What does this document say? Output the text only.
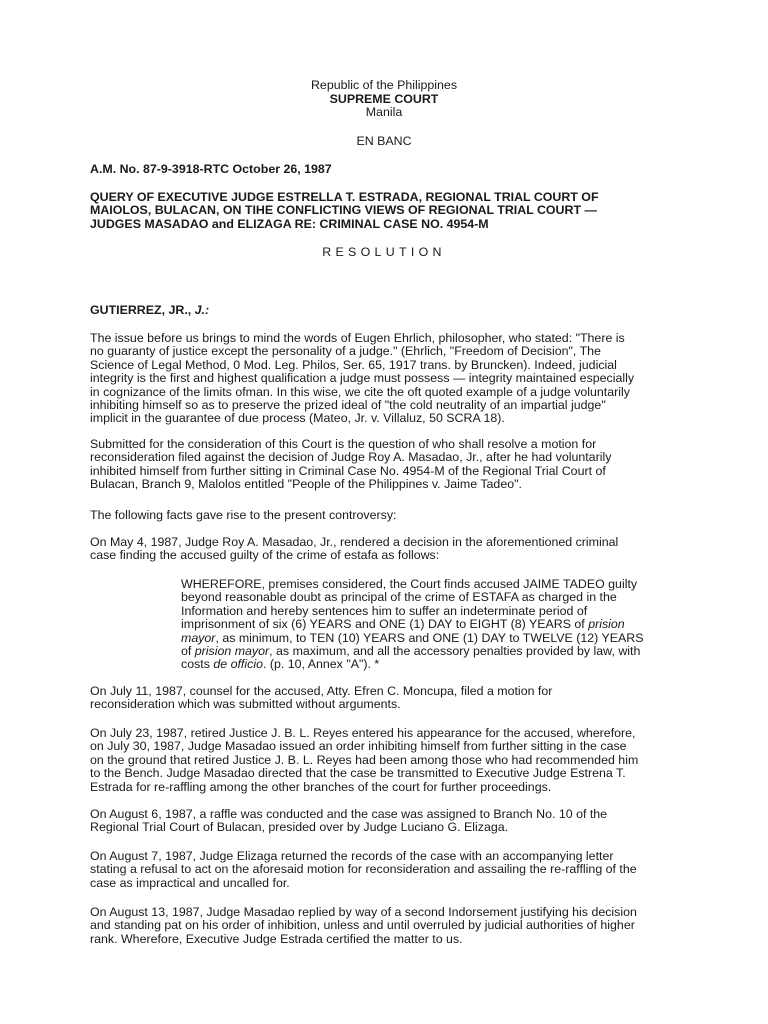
Republic of the Philippines
SUPREME COURT
Manila
EN BANC
A.M. No. 87-9-3918-RTC October 26, 1987
QUERY OF EXECUTIVE JUDGE ESTRELLA T. ESTRADA, REGIONAL TRIAL COURT OF
MAIOLOS, BULACAN, ON TIHE CONFLICTING VIEWS OF REGIONAL TRIAL COURT —
JUDGES MASADAO and ELIZAGA RE: CRIMINAL CASE NO. 4954-M
RESOLUTION
GUTIERREZ, JR., J.:
The issue before us brings to mind the words of Eugen Ehrlich, philosopher, who stated: "There is
no guaranty of justice except the personality of a judge." (Ehrlich, "Freedom of Decision", The
Science of Legal Method, 0 Mod. Leg. Philos, Ser. 65, 1917 trans. by Bruncken). Indeed, judicial
integrity is the first and highest qualification a judge must possess — integrity maintained especially
in cognizance of the limits ofman. In this wise, we cite the oft quoted example of a judge voluntarily
inhibiting himself so as to preserve the prized ideal of "the cold neutrality of an impartial judge"
implicit in the guarantee of due process (Mateo, Jr. v. Villaluz, 50 SCRA 18).
Submitted for the consideration of this Court is the question of who shall resolve a motion for
reconsideration filed against the decision of Judge Roy A. Masadao, Jr., after he had voluntarily
inhibited himself from further sitting in Criminal Case No. 4954-M of the Regional Trial Court of
Bulacan, Branch 9, Malolos entitled "People of the Philippines v. Jaime Tadeo".
The following facts gave rise to the present controversy:
On May 4, 1987, Judge Roy A. Masadao, Jr., rendered a decision in the aforementioned criminal
case finding the accused guilty of the crime of estafa as follows:
WHEREFORE, premises considered, the Court finds accused JAIME TADEO guilty
beyond reasonable doubt as principal of the crime of ESTAFA as charged in the
Information and hereby sentences him to suffer an indeterminate period of
imprisonment of six (6) YEARS and ONE (1) DAY to EIGHT (8) YEARS of prision
mayor, as minimum, to TEN (10) YEARS and ONE (1) DAY to TWELVE (12) YEARS
of prision mayor, as maximum, and all the accessory penalties provided by law, with
costs de officio. (p. 10, Annex "A"). *
On July 11, 1987, counsel for the accused, Atty. Efren C. Moncupa, filed a motion for
reconsideration which was submitted without arguments.
On July 23, 1987, retired Justice J. B. L. Reyes entered his appearance for the accused, wherefore,
on July 30, 1987, Judge Masadao issued an order inhibiting himself from further sitting in the case
on the ground that retired Justice J. B. L. Reyes had been among those who had recommended him
to the Bench. Judge Masadao directed that the case be transmitted to Executive Judge Estrena T.
Estrada for re-raffling among the other branches of the court for further proceedings.
On August 6, 1987, a raffle was conducted and the case was assigned to Branch No. 10 of the
Regional Trial Court of Bulacan, presided over by Judge Luciano G. Elizaga.
On August 7, 1987, Judge Elizaga returned the records of the case with an accompanying letter
stating a refusal to act on the aforesaid motion for reconsideration and assailing the re-raffling of the
case as impractical and uncalled for.
On August 13, 1987, Judge Masadao replied by way of a second Indorsement justifying his decision
and standing pat on his order of inhibition, unless and until overruled by judicial authorities of higher
rank. Wherefore, Executive Judge Estrada certified the matter to us.
